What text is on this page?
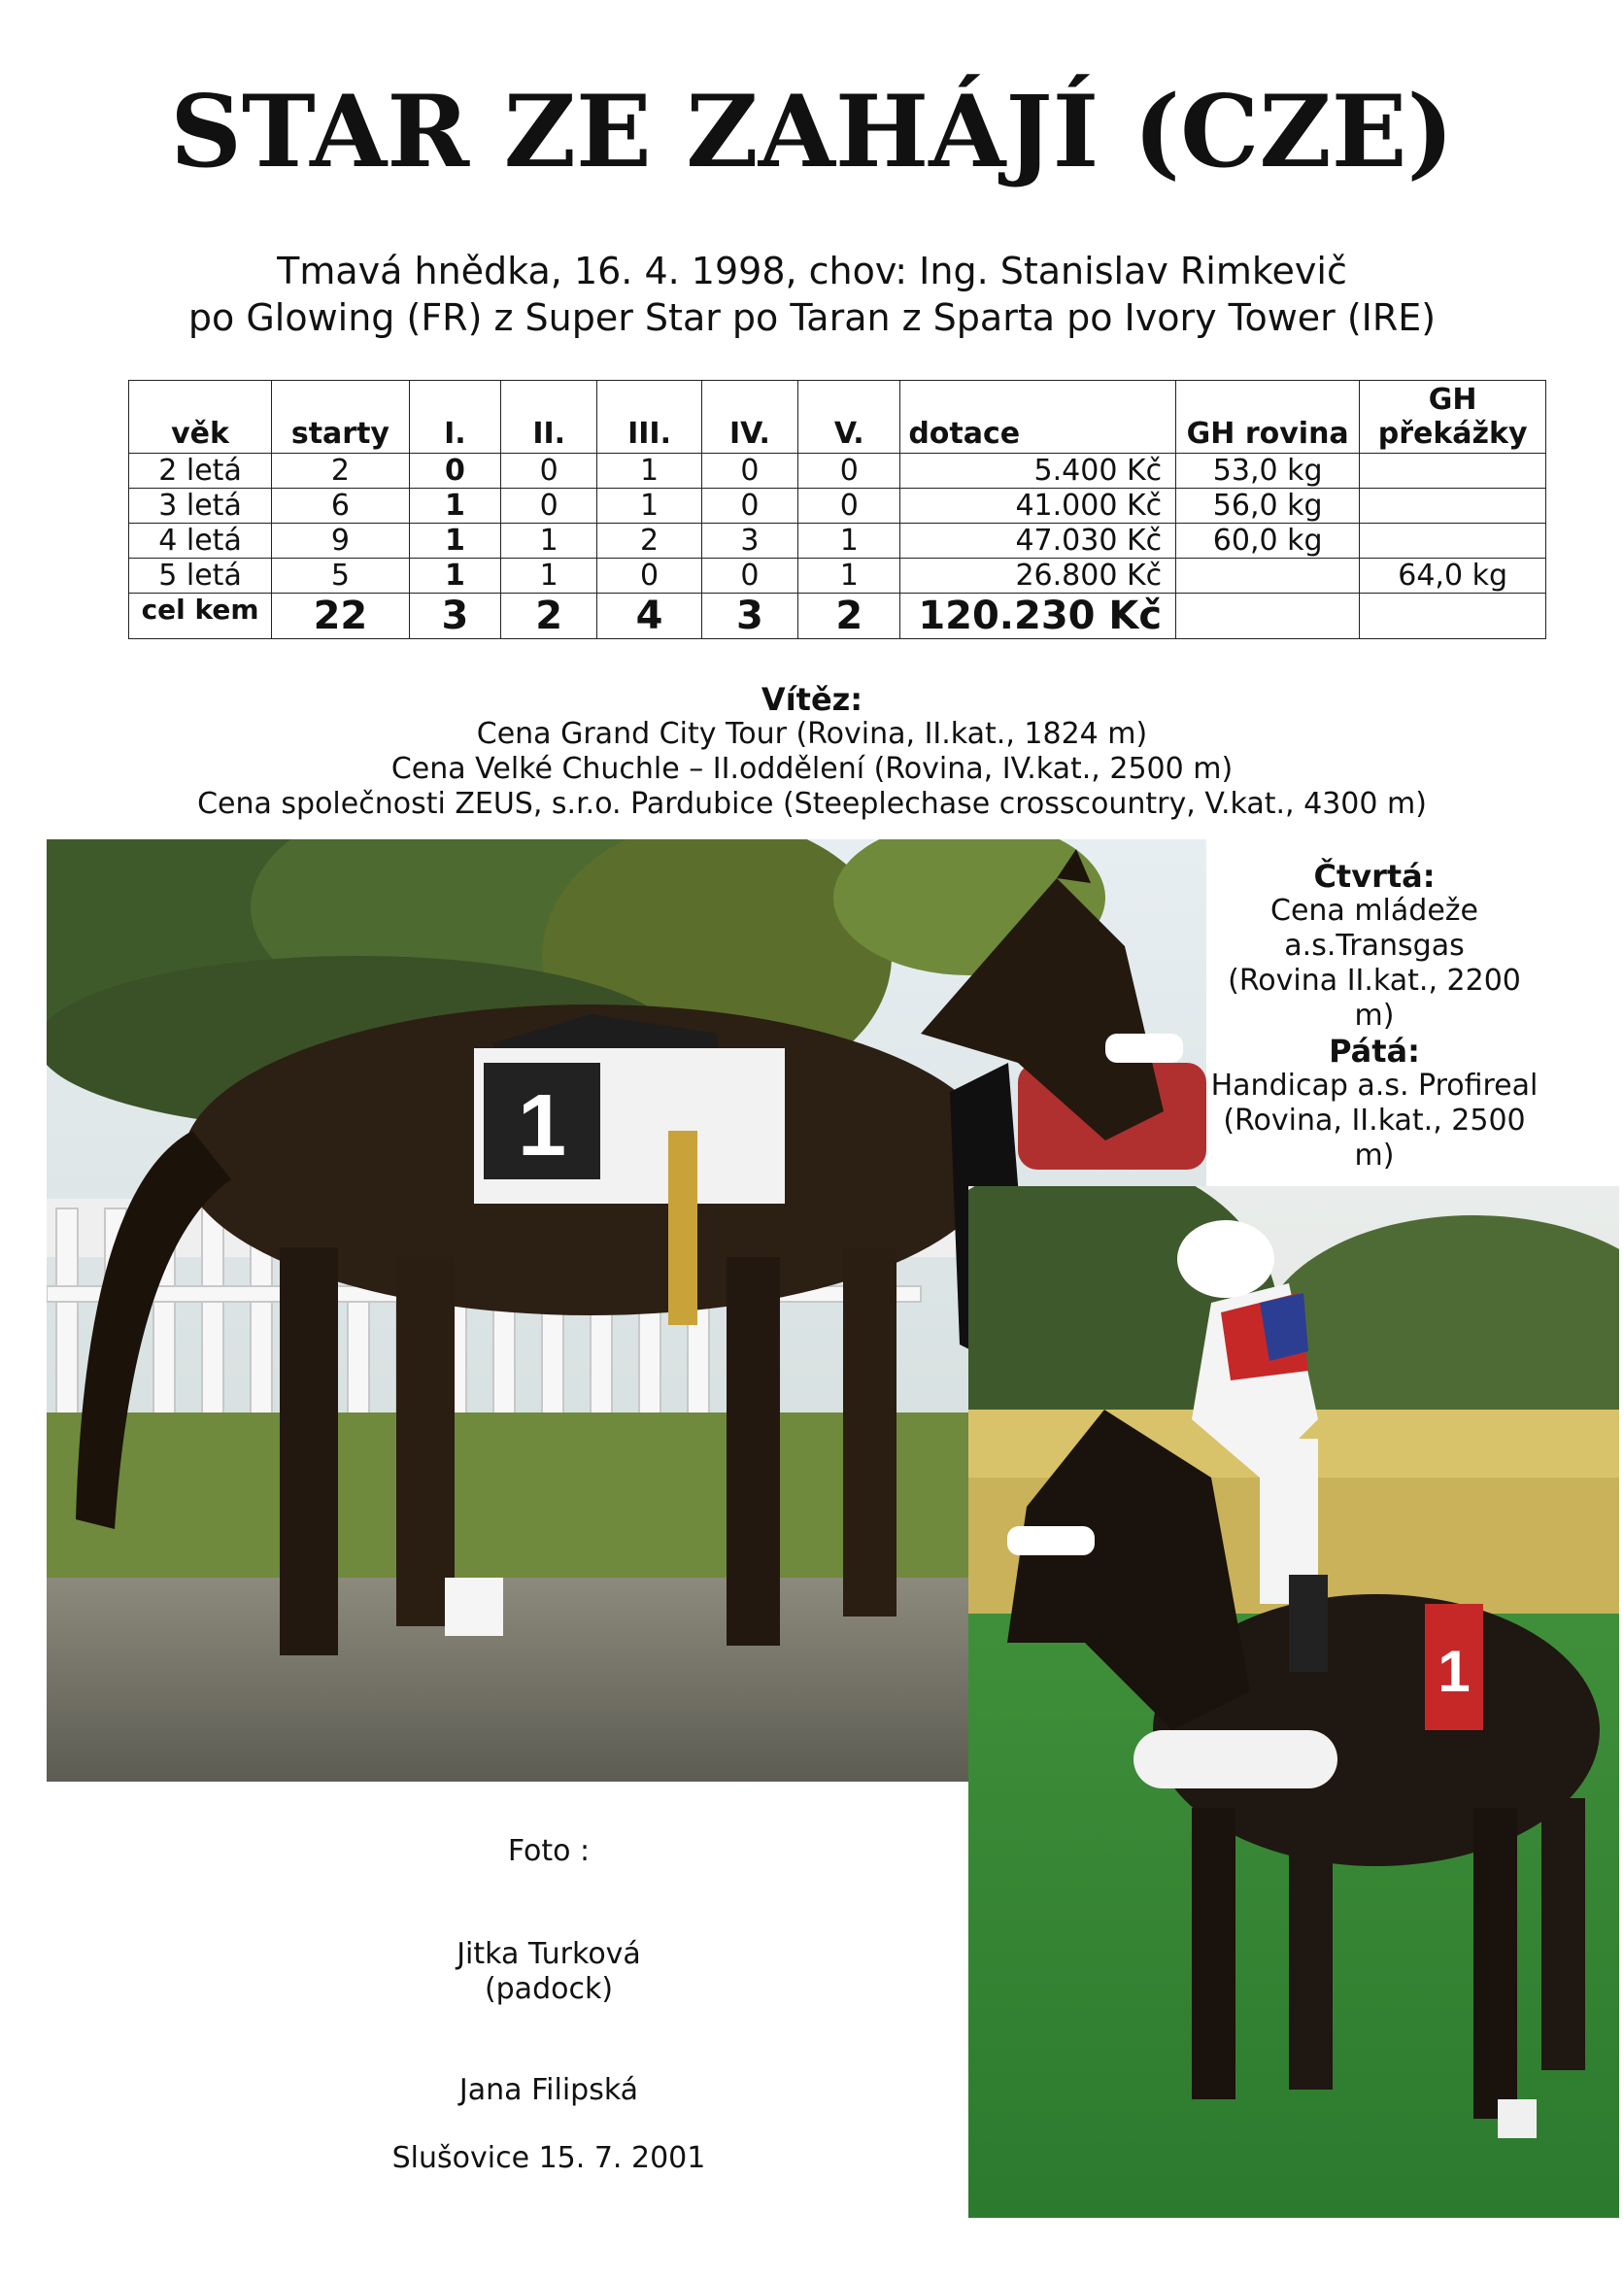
STAR ZE ZAHÁJÍ (CZE)
Tmavá hnědka, 16. 4. 1998, chov: Ing. Stanislav Rimkevič
po Glowing (FR) z Super Star po Taran z Sparta po Ivory Tower (IRE)
věk	starty	I.	II.	III.	IV.	V.	dotace	GH rovina	GH překážky
2 letá	2	0	0	1	0	0	5.400 Kč	53,0 kg	
3 letá	6	1	0	1	0	0	41.000 Kč	56,0 kg	
4 letá	9	1	1	2	3	1	47.030 Kč	60,0 kg	
5 letá	5	1	1	0	0	1	26.800 Kč		64,0 kg
cel kem	22	3	2	4	3	2	120.230 Kč		
Vítěz:
Cena Grand City Tour (Rovina, II.kat., 1824 m)
Cena Velké Chuchle – II.oddělení (Rovina, IV.kat., 2500 m)
Cena společnosti ZEUS, s.r.o. Pardubice (Steeplechase crosscountry, V.kat., 4300 m)
1
Čtvrtá:
Cena mládeže
a.s.Transgas
(Rovina II.kat., 2200 m)
Pátá:
Handicap a.s. Profireal
(Rovina, II.kat., 2500 m)
1
Foto :
Jitka Turková
(padock)
Jana Filipská
Slušovice 15. 7. 2001
